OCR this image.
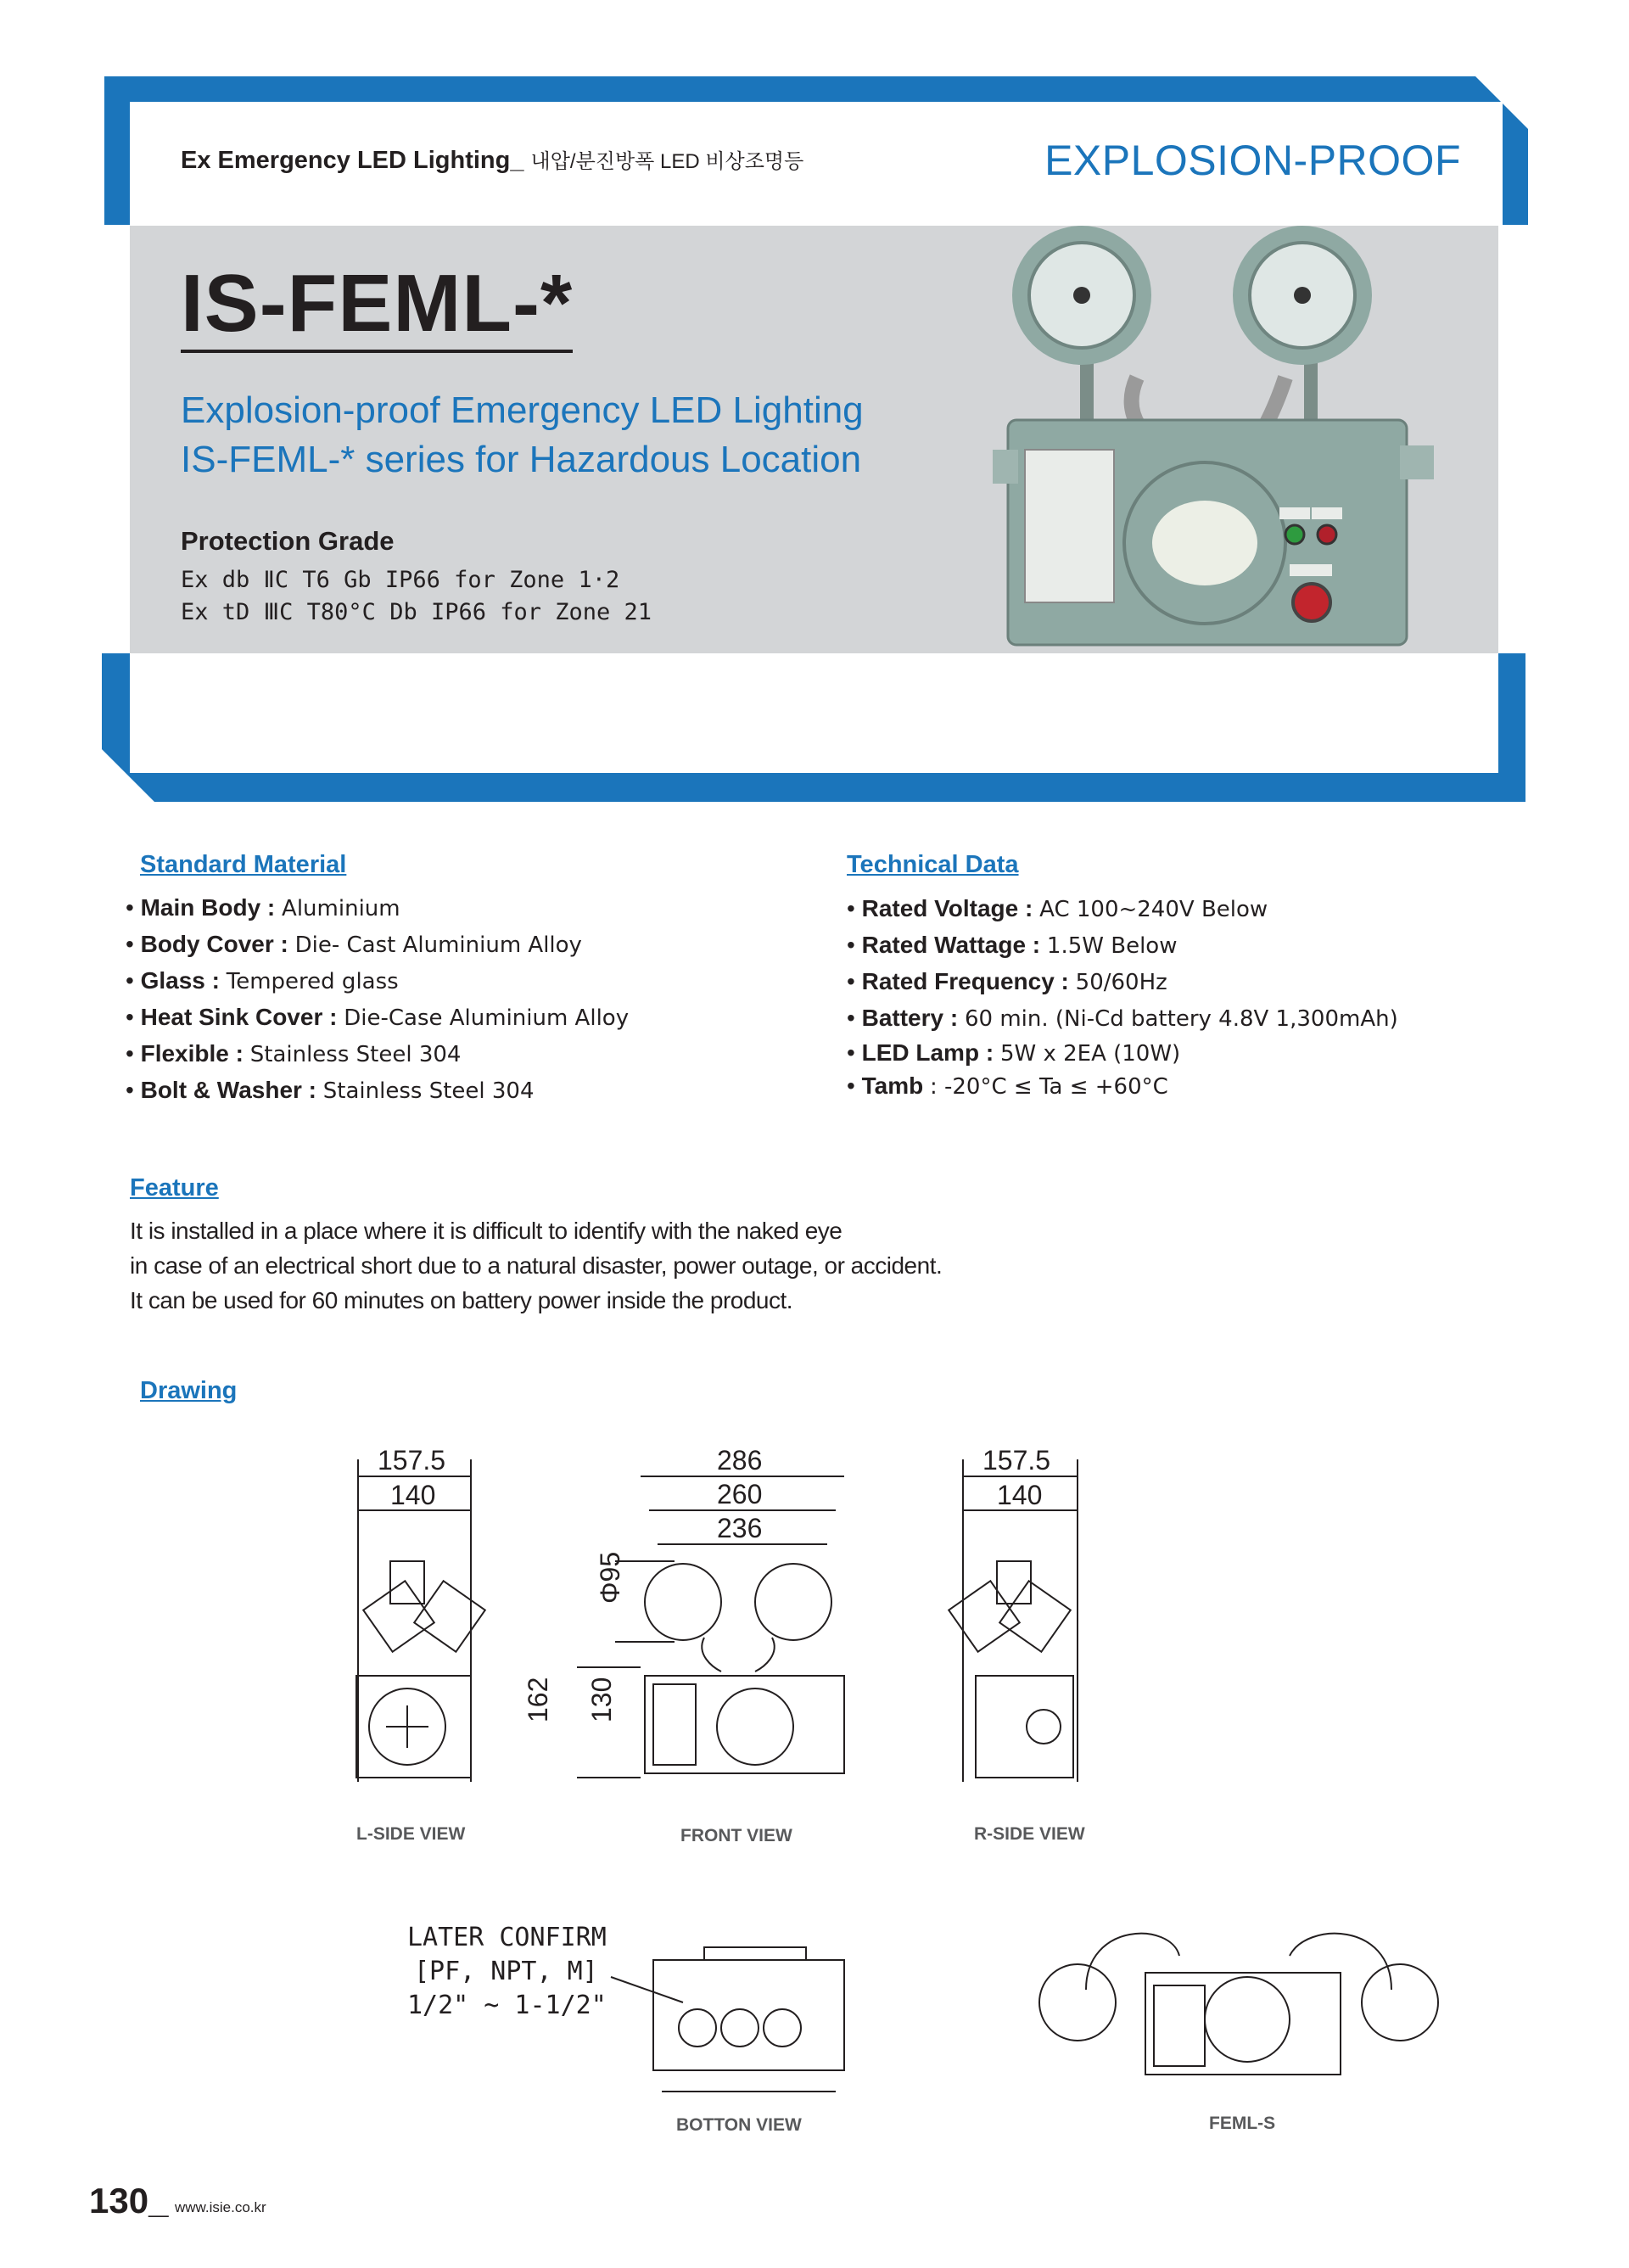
Ex Emergency LED Lighting_ 내압/분진방폭 LED 비상조명등	EXPLOSION-PROOF
IS-FEML-*
Explosion-proof Emergency LED Lighting
IS-FEML-* series for Hazardous Location
Protection Grade
Ex db ⅡC T6 Gb IP66 for Zone 1·2
Ex tD ⅢC T80°C Db IP66 for Zone 21
Standard Material
• Main Body : Aluminium
• Body Cover : Die- Cast Aluminium Alloy
• Glass : Tempered glass
• Heat Sink Cover : Die-Case Aluminium Alloy
• Flexible : Stainless Steel 304
• Bolt & Washer : Stainless Steel 304
Technical Data
• Rated Voltage : AC 100~240V Below
• Rated Wattage : 1.5W Below
• Rated Frequency : 50/60Hz
• Battery : 60 min. (Ni-Cd battery 4.8V 1,300mAh)
• LED Lamp : 5W x 2EA (10W)
• Tamb : -20°C ≤ Ta ≤ +60°C
Feature

It is installed in a place where it is difficult to identify with the naked eye

in case of an electrical short due to a natural disaster, power outage, or accident.

It can be used for 60 minutes on battery power inside the product.

Drawing
157.5
140
L-SIDE VIEW
286
260
236
Φ95
162 130
FRONT VIEW
157.5
140
R-SIDE VIEW
LATER CONFIRM
[PF, NPT, M]
1/2" ~ 1-1/2"
BOTTON VIEW	FEML-S
130_ www.isie.co.kr
